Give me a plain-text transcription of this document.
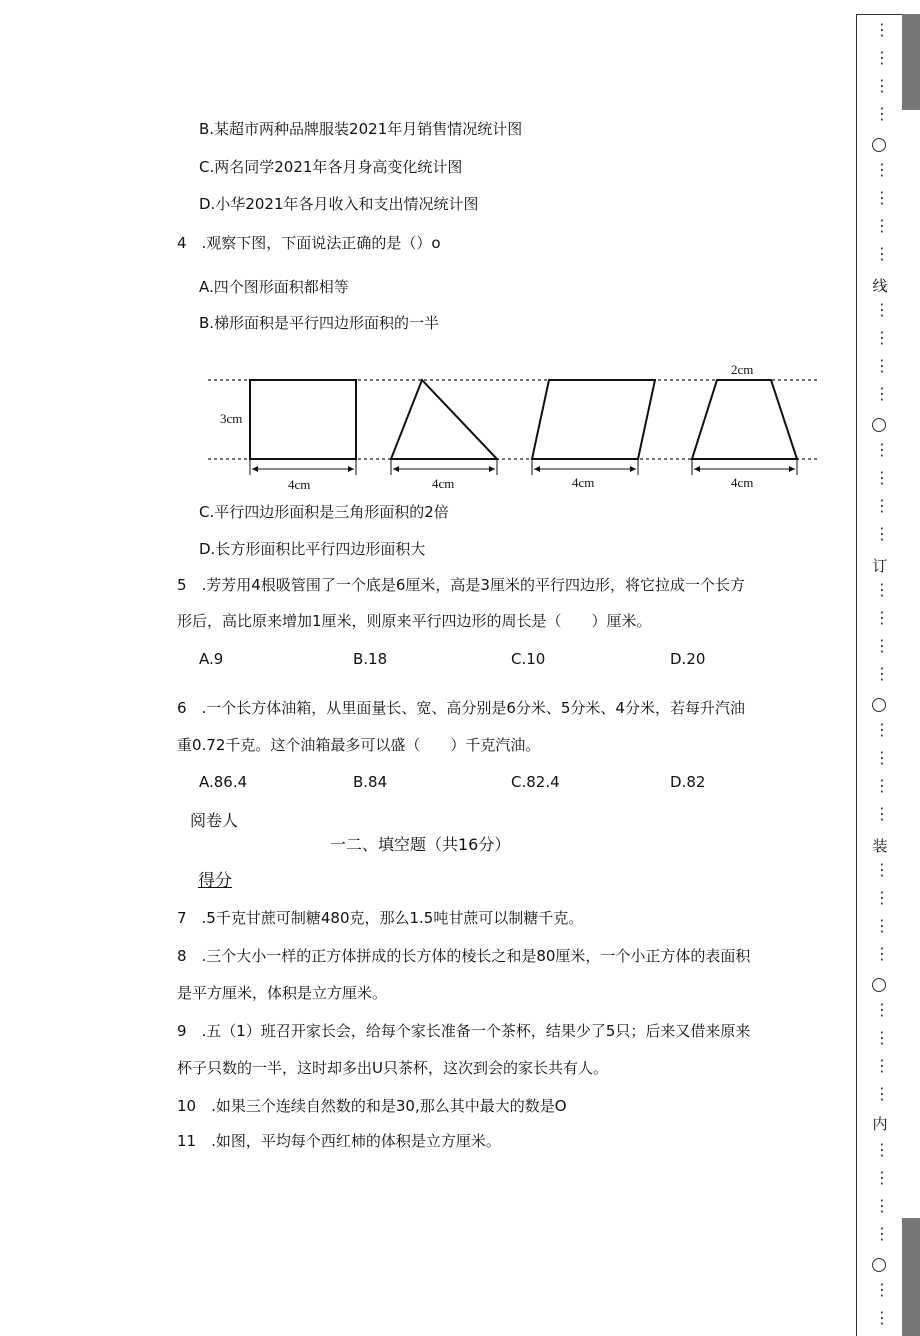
B.某超市两种品牌服装2021年月销售情况统计图
C.两名同学2021年各月身高变化统计图
D.小华2021年各月收入和支出情况统计图
4　.观察下图，下面说法正确的是（）o
A.四个图形面积都相等
B.梯形面积是平行四边形面积的一半
3cm
2cm
4cm	4cm	4cm	4cm
C.平行四边形面积是三角形面积的2倍
D.长方形面积比平行四边形面积大
5　.芳芳用4根吸管围了一个底是6厘米，高是3厘米的平行四边形，将它拉成一个长方
形后，高比原来增加1厘米，则原来平行四边形的周长是（　　）厘米。
A.9	B.18	C.10	D.20
6　.一个长方体油箱，从里面量长、宽、高分别是6分米、5分米、4分米，若每升汽油
重0.72千克。这个油箱最多可以盛（　　）千克汽油。
A.86.4	B.84	C.82.4	D.82
阅卷人
一二、填空题（共16分）
得分
7　.5千克甘蔗可制糖480克，那么1.5吨甘蔗可以制糖千克。
8　.三个大小一样的正方体拼成的长方体的棱长之和是80厘米，一个小正方体的表面积
是平方厘米，体积是立方厘米。
9　.五（1）班召开家长会，给每个家长准备一个茶杯，结果少了5只；后来又借来原来
杯子只数的一半，这时却多出U只茶杯，这次到会的家长共有人。
10　.如果三个连续自然数的和是30,那么其中最大的数是O
11　.如图，平均每个西红柿的体积是立方厘米。
⋮
⋮
⋮
⋮
⋮
⋮
⋮
⋮
⋮
⋮
⋮
⋮
⋮
⋮
⋮
⋮
⋮
⋮
⋮
⋮
⋮
⋮
⋮
⋮
⋮
⋮
⋮
⋮
⋮
⋮
⋮
⋮
⋮
⋮
⋮
⋮
⋮
⋮
线
订
装
内
